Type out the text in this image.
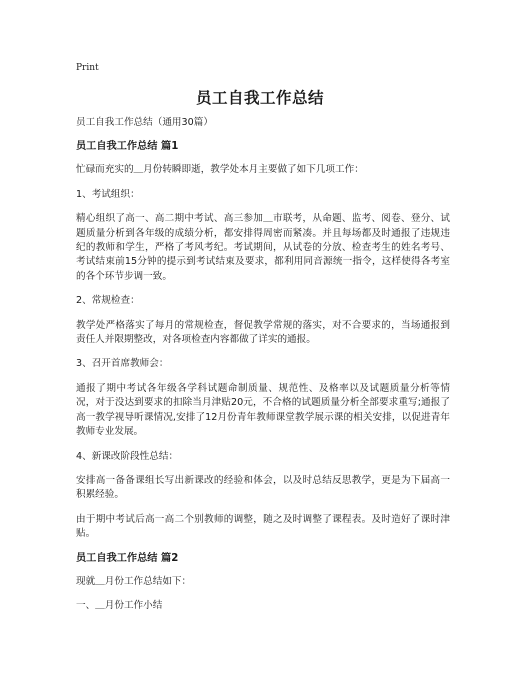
Print
员工自我工作总结

员工自我工作总结（通用30篇）

员工自我工作总结 篇1

忙碌而充实的＿月份转瞬即逝，教学处本月主要做了如下几项工作：

1、考试组织：

精心组织了高一、高二期中考试、高三参加＿市联考，从命题、监考、阅卷、登分、试题质量分析到各年级的成绩分析，都安排得周密而紧凑。并且每场都及时通报了违规违纪的教师和学生，严格了考风考纪。考试期间，从试卷的分放、检查考生的姓名考号、考试结束前15分钟的提示到考试结束及要求，都利用同音源统一指令，这样使得各考室的各个环节步调一致。

2、常规检查：

教学处严格落实了每月的常规检查，督促教学常规的落实，对不合要求的，当场通报到责任人并限期整改，对各项检查内容都做了详实的通报。

3、召开首席教师会：

通报了期中考试各年级各学科试题命制质量、规范性、及格率以及试题质量分析等情况，对于没达到要求的扣除当月津贴20元，不合格的试题质量分析全部要求重写;通报了高一教学视导听课情况,安排了12月份青年教师课堂教学展示课的相关安排，以促进青年教师专业发展。

4、新课改阶段性总结：

安排高一备备课组长写出新课改的经验和体会，以及时总结反思教学，更是为下届高一积累经验。

由于期中考试后高一高二个别教师的调整，随之及时调整了课程表。及时造好了课时津贴。

员工自我工作总结 篇2

现就＿月份工作总结如下：

一、＿月份工作小结
